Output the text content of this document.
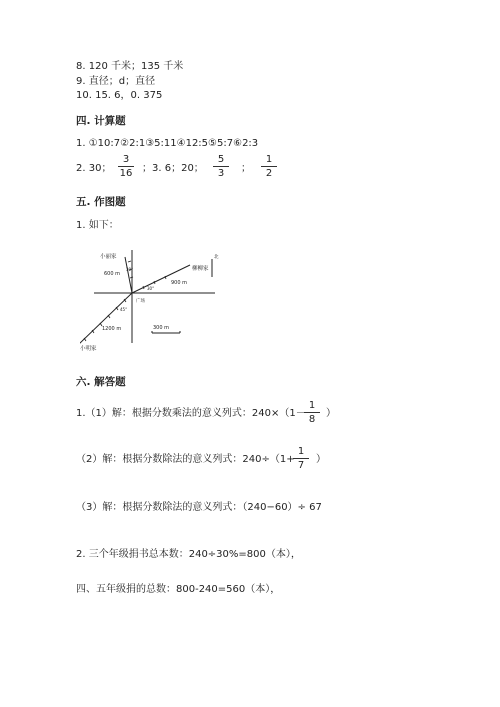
8. 120 千米；135 千米
9. 直径；d；直径
10. 15. 6，0. 375
四. 计算题
1. ①10:7②2:1③5:11④12:5⑤5:7⑥2:3
2. 30；
3
16 ；3. 6；20；
5
3	；
1
2
五. 作图题
1. 如下：
小丽家
柳柳家
小明家
广场
北
600 m
900 m
1200 m	300 m
30°
30°
45°
六. 解答题
1.（1）解：根据分数乘法的意义列式：240×（1－
1
8
）
（2）解：根据分数除法的意义列式：240÷（1+
1
7
）
（3）解：根据分数除法的意义列式：（240−60）÷ 67
2. 三个年级捐书总本数：240÷30%=800（本），
四、五年级捐的总数：800-240=560（本），
